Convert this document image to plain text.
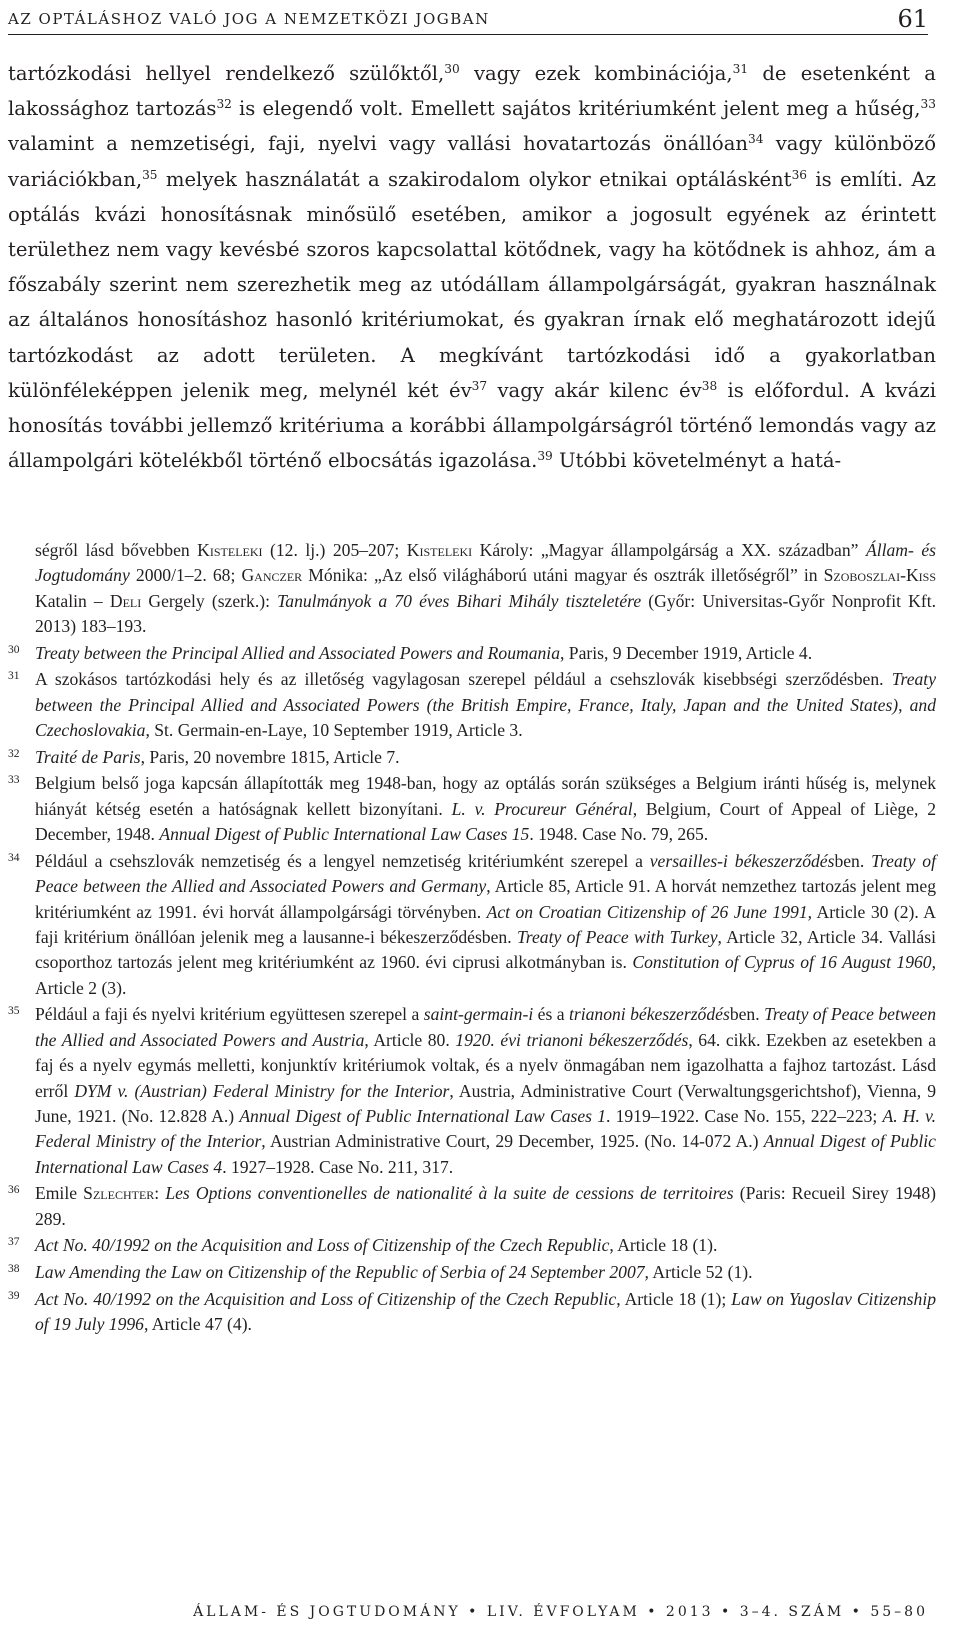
AZ OPTÁLÁSHOZ VALÓ JOG A NEMZETKÖZI JOGBAN	61

tartózkodási hellyel rendelkező szülőktől,$^{30}$ vagy ezek kombinációja,$^{31}$ de esetenként a lakossághoz tartozás$^{32}$ is elegendő volt. Emellett sajátos kritériumként jelent meg a hűség,$^{33}$ valamint a nemzetiségi, faji, nyelvi vagy vallási hovatartozás önállóan$^{34}$ vagy különböző variációkban,$^{35}$ melyek használatát a szakirodalom olykor etnikai optálásként$^{36}$ is említi. Az optálás kvázi honosításnak minősülő esetében, amikor a jogosult egyének az érintett területhez nem vagy kevésbé szoros kapcsolattal kötődnek, vagy ha kötődnek is ahhoz, ám a főszabály szerint nem szerezhetik meg az utódállam állampolgárságát, gyakran használnak az általános honosításhoz hasonló kritériumokat, és gyakran írnak elő meghatározott idejű tartózkodást az adott területen. A megkívánt tartózkodási idő a gyakorlatban különféleképpen jelenik meg, melynél két $év^{37}$ vagy akár kilenc $év^{38}$ is előfordul. A kvázi honosítás további jellemző kritériuma a korábbi állampolgárságról történő lemondás vagy az állampolgári kötelékből történő elbocsátás igazolása.$^{39}$ Utóbbi követelményt a hatá-

ségről lásd bővebben Kisteleki (12. lj.) 205–207; Kisteleki Károly: „Magyar állampolgárság a XX. században” Állam- és Jogtudomány 2000/1–2. 68; Ganczer Mónika: „Az első világháború utáni magyar és osztrák illetőségről” in Szoboszlai-Kiss Katalin – Deli Gergely (szerk.): Tanulmányok a 70 éves Bihari Mihály tiszteletére (Győr: Universitas-Győr Nonprofit Kft. 2013) 183–193.

30 Treaty between the Principal Allied and Associated Powers and Roumania, Paris, 9 December 1919, Article 4.

31 A szokásos tartózkodási hely és az illetőség vagylagosan szerepel például a csehszlovák kisebbségi szerződésben. Treaty between the Principal Allied and Associated Powers (the British Empire, France, Italy, Japan and the United States), and Czechoslovakia, St. Germain-en-Laye, 10 September 1919, Article 3.

32 Traité de Paris, Paris, 20 novembre 1815, Article 7.

33 Belgium belső joga kapcsán állapították meg 1948-ban, hogy az optálás során szükséges a Belgium iránti hűség is, melynek hiányát kétség esetén a hatóságnak kellett bizonyítani. L. v. Procureur Général, Belgium, Court of Appeal of Liège, 2 December, 1948. Annual Digest of Public International Law Cases 15. 1948. Case No. 79, 265.

34 Például a csehszlovák nemzetiség és a lengyel nemzetiség kritériumként szerepel a versailles-i békeszerződésben. Treaty of Peace between the Allied and Associated Powers and Germany, Article 85, Article 91. A horvát nemzethez tartozás jelent meg kritériumként az 1991. évi horvát állampolgársági törvényben. Act on Croatian Citizenship of 26 June 1991, Article 30 (2). A faji kritérium önállóan jelenik meg a lausanne-i békeszerződésben. Treaty of Peace with Turkey, Article 32, Article 34. Vallási csoporthoz tartozás jelent meg kritériumként az 1960. évi ciprusi alkotmányban is. Constitution of Cyprus of 16 August 1960, Article 2 (3).

35 Például a faji és nyelvi kritérium együttesen szerepel a saint-germain-i és a trianoni békeszerződésben. Treaty of Peace between the Allied and Associated Powers and Austria, Article 80. 1920. évi trianoni békeszerződés, 64. cikk. Ezekben az esetekben a faj és a nyelv egymás melletti, konjunktív kritériumok voltak, és a nyelv önmagában nem igazolhatta a fajhoz tartozást. Lásd erről DYM v. (Austrian) Federal Ministry for the Interior, Austria, Administrative Court (Verwaltungsgerichtshof), Vienna, 9 June, 1921. (No. 12.828 A.) Annual Digest of Public International Law Cases 1. 1919–1922. Case No. 155, 222–223; A. H. v. Federal Ministry of the Interior, Austrian Administrative Court, 29 December, 1925. (No. 14-072 A.) Annual Digest of Public International Law Cases 4. 1927–1928. Case No. 211, 317.

36 Emile Szlechter: Les Options conventionelles de nationalité à la suite de cessions de territoires (Paris: Recueil Sirey 1948) 289.

37 Act No. 40/1992 on the Acquisition and Loss of Citizenship of the Czech Republic, Article 18 (1).

38 Law Amending the Law on Citizenship of the Republic of Serbia of 24 September 2007, Article 52 (1).

39 Act No. 40/1992 on the Acquisition and Loss of Citizenship of the Czech Republic, Article 18 (1); Law on Yugoslav Citizenship of 19 July 1996, Article 47 (4).

ÁLLAM- ÉS JOGTUDOMÁNY • LIV. ÉVFOLYAM • 2013 • 3–4. SZÁM • 55–80
